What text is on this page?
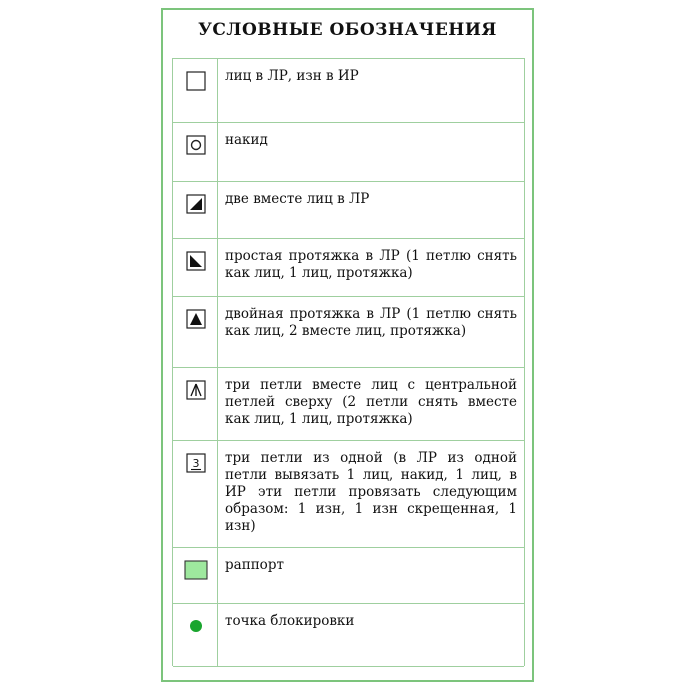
УСЛОВНЫЕ ОБОЗНАЧЕНИЯ
лиц в ЛР, изн в ИР
накид
две вместе лиц в ЛР
простая протяжка в ЛР (1 петлю снять как лиц, 1 лиц, протяжка)
двойная протяжка в ЛР (1 петлю снять как лиц, 2 вместе лиц, протяжка)
три петли вместе лиц с центральной петлей сверху (2 петли снять вместе как лиц, 1 лиц, протяжка)
3 три петли из одной (в ЛР из одной петли вывязать 1 лиц, накид, 1 лиц, в ИР эти петли провязать следующим образом: 1 изн, 1 изн скрещенная, 1 изн)
раппорт
точка блокировки
